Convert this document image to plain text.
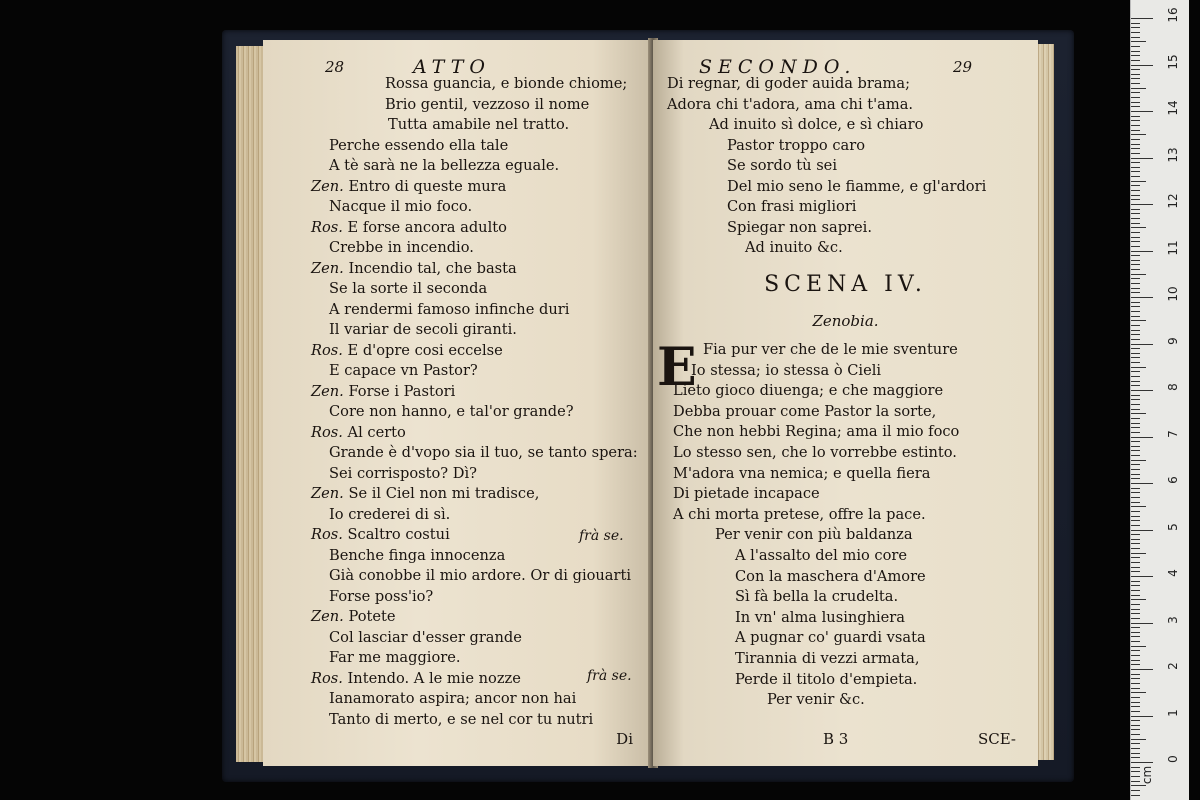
28	ATTO
Rossa guancia, e bionde chiome;
Brio gentil, vezzoso il nome
Tutta amabile nel tratto.
Perche essendo ella tale
A tè sarà ne la bellezza eguale.
Zen. Entro di queste mura
Nacque il mio foco.
Ros. E forse ancora adulto
Crebbe in incendio.
Zen. Incendio tal, che basta
Se la sorte il seconda
A rendermi famoso infinche duri
Il variar de secoli giranti.
Ros. E d'opre cosi eccelse
E capace vn Pastor?
Zen. Forse i Pastori
Core non hanno, e tal'or grande?
Ros. Al certo
Grande è d'vopo sia il tuo, se tanto spera:
Sei corrisposto? Dì?
Zen. Se il Ciel non mi tradisce,
Io crederei di sì.
Ros. Scaltro costui
Benche finga innocenza
Già conobbe il mio ardore. Or di giouarti
Forse poss'io?
Zen. Potete
Col lasciar d'esser grande
Far me maggiore.
Ros. Intendo. A le mie nozze
Ianamorato aspira; ancor non hai
Tanto di merto, e se nel cor tu nutri
frà se.
frà se.
Di
SECONDO.	29
Di regnar, di goder auida brama;
Adora chi t'adora, ama chi t'ama.
Ad inuito sì dolce, e sì chiaro
Pastor troppo caro
Se sordo tù sei
Del mio seno le fiamme, e gl'ardori
Con frasi migliori
Spiegar non saprei.
Ad inuito &c.
SCENA IV.
Zenobia.
E Fia pur ver che de le mie sventure
Io stessa; io stessa ò Cieli
Lieto gioco diuenga; e che maggiore
Debba prouar come Pastor la sorte,
Che non hebbi Regina; ama il mio foco
Lo stesso sen, che lo vorrebbe estinto.
M'adora vna nemica; e quella fiera
Di pietade incapace
A chi morta pretese, offre la pace.
Per venir con più baldanza
A l'assalto del mio core
Con la maschera d'Amore
Sì fà bella la crudelta.
In vn' alma lusinghiera
A pugnar co' guardi vsata
Tirannia di vezzi armata,
Perde il titolo d'empieta.
Per venir &c.
B 3	SCE-
16
15
14
13
12
11
10
9
8
7
6
5
4
3
2
1
0
cm
